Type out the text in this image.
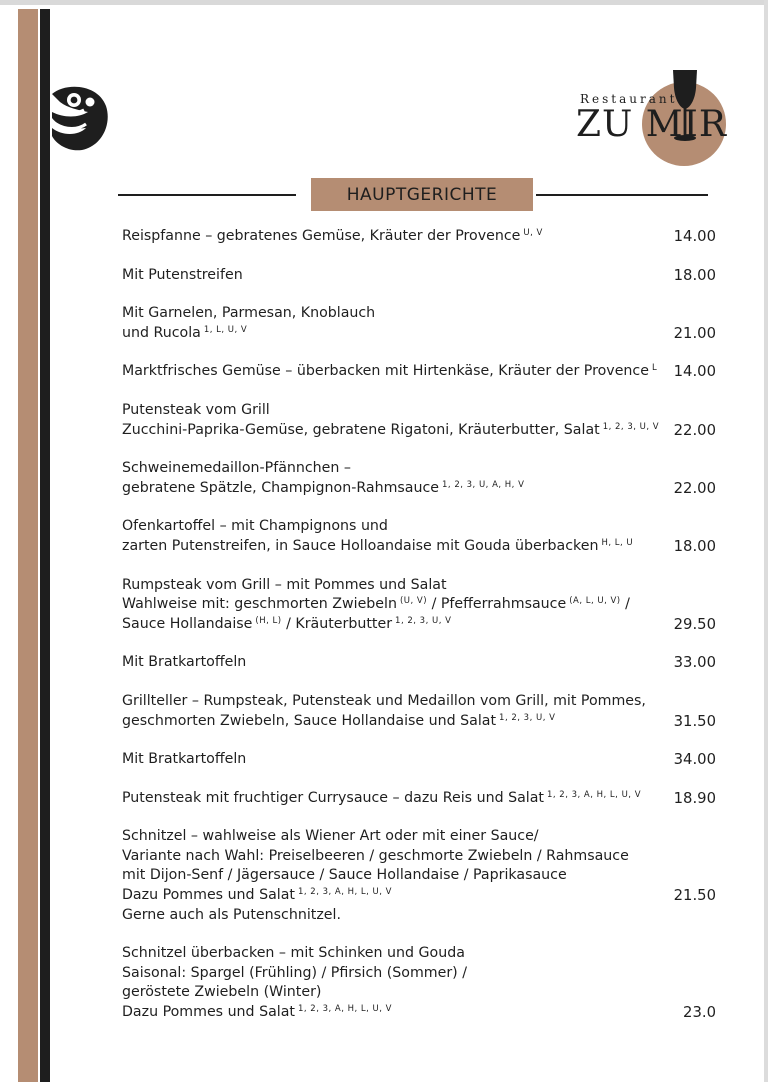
Restaurant
ZU MIR
HAUPTGERICHTE
Reispfanne – gebratenes Gemüse, Kräuter der Provence $^{U, V}$	14.00
Mit Putenstreifen	18.00
Mit Garnelen, Parmesan, Knoblauch
und Rucola $^{1, L, U, V}$	21.00
Marktfrisches Gemüse – überbacken mit Hirtenkäse, Kräuter der Provence $^L$	14.00
Putensteak vom Grill
Zucchini-Paprika-Gemüse, gebratene Rigatoni, Kräuterbutter, Salat $^{1, 2, 3, U, V}$ 22.00
Schweinemedaillon-Pfännchen –
gebratene Spätzle, Champignon-Rahmsauce $^{1, 2, 3, U, A, H, V}$	22.00
Ofenkartoffel – mit Champignons und
zarten Putenstreifen, in Sauce Holloandaise mit Gouda überbacken $^{H, L, U}$	18.00
Rumpsteak vom Grill – mit Pommes und Salat
Wahlweise mit: geschmorten Zwiebeln $^{(U, V)}$ / Pfefferrahmsauce $^{(A, L, U, V)}$ /
Sauce Hollandaise $^{(H, L)}$ / Kräuterbutter $^{1, 2, 3, U, V}$	29.50
Mit Bratkartoffeln	33.00
Grillteller – Rumpsteak, Putensteak und Medaillon vom Grill, mit Pommes,
geschmorten Zwiebeln, Sauce Hollandaise und Salat $^{1, 2, 3, U, V}$	31.50
Mit Bratkartoffeln	34.00
Putensteak mit fruchtiger Currysauce – dazu Reis und Salat $^{1, 2, 3, A, H, L, U, V}$	18.90
Schnitzel – wahlweise als Wiener Art oder mit einer Sauce/
Variante nach Wahl: Preiselbeeren / geschmorte Zwiebeln / Rahmsauce
mit Dijon-Senf / Jägersauce / Sauce Hollandaise / Paprikasauce
Dazu Pommes und Salat $^{1, 2, 3, A, H, L, U, V}$
Gerne auch als Putenschnitzel.
21.50
Schnitzel überbacken – mit Schinken und Gouda
Saisonal: Spargel (Frühling) / Pfirsich (Sommer) /
geröstete Zwiebeln (Winter)
Dazu Pommes und Salat $^{1, 2, 3, A, H, L, U, V}$	23.0
